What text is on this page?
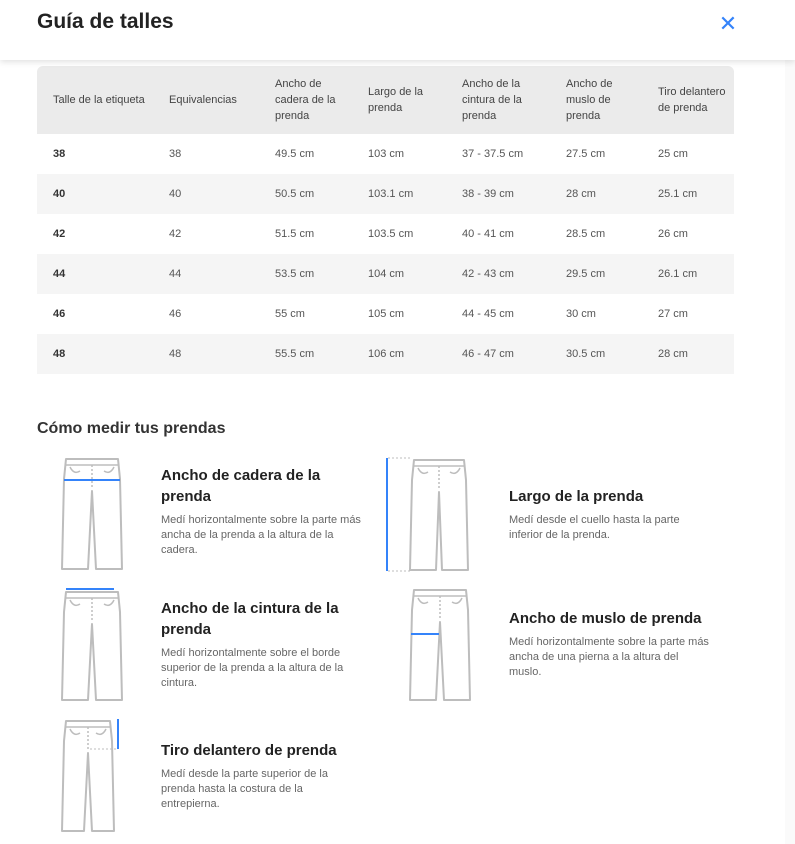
Guía de talles	✕
Talle de la etiqueta	Equivalencias	Ancho de cadera de la prenda	Largo de la prenda	Ancho de la cintura de la prenda	Ancho de muslo de prenda	Tiro delantero de prenda
38	38	49.5 cm	103 cm	37 - 37.5 cm	27.5 cm	25 cm
40	40	50.5 cm	103.1 cm	38 - 39 cm	28 cm	25.1 cm
42	42	51.5 cm	103.5 cm	40 - 41 cm	28.5 cm	26 cm
44	44	53.5 cm	104 cm	42 - 43 cm	29.5 cm	26.1 cm
46	46	55 cm	105 cm	44 - 45 cm	30 cm	27 cm
48	48	55.5 cm	106 cm	46 - 47 cm	30.5 cm	28 cm
Cómo medir tus prendas
Ancho de cadera de la prenda

Medí horizontalmente sobre la parte más ancha de la prenda a la altura de la cadera.

Largo de la prenda

Medí desde el cuello hasta la parte inferior de la prenda.

Ancho de la cintura de la prenda

Medí horizontalmente sobre el borde superior de la prenda a la altura de la cintura.

Ancho de muslo de prenda

Medí horizontalmente sobre la parte más ancha de una pierna a la altura del muslo.

Tiro delantero de prenda

Medí desde la parte superior de la prenda hasta la costura de la entrepierna.
